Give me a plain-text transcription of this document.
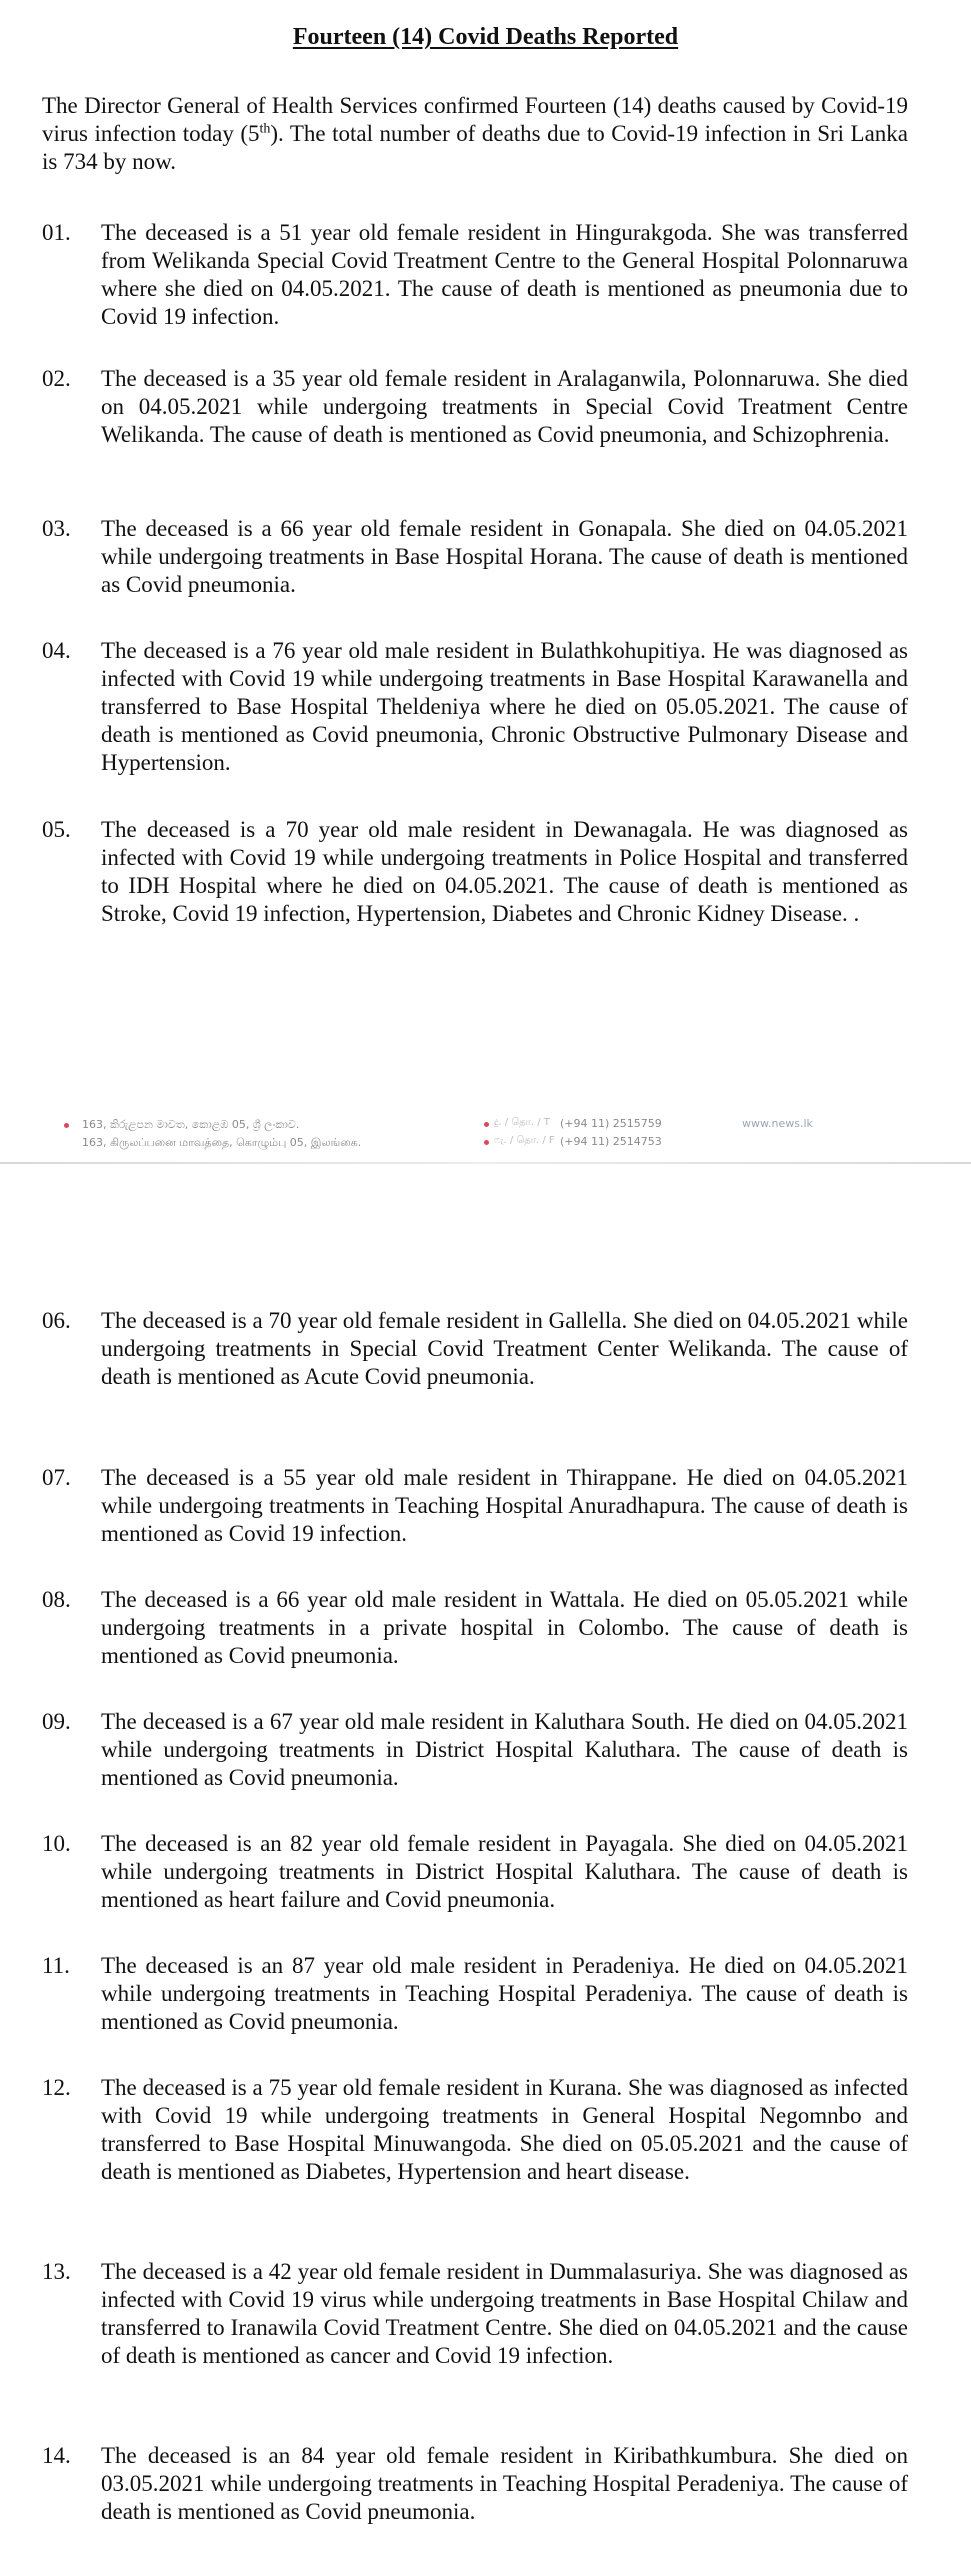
Fourteen (14) Covid Deaths Reported

The Director General of Health Services confirmed Fourteen (14) deaths caused by Covid-19 virus infection today (5th). The total number of deaths due to Covid-19 infection in Sri Lanka is 734 by now.

01.	The deceased is a 51 year old female resident in Hingurakgoda. She was transferred from Welikanda Special Covid Treatment Centre to the General Hospital Polonnaruwa where she died on 04.05.2021. The cause of death is mentioned as pneumonia due to Covid 19 infection.
02.	The deceased is a 35 year old female resident in Aralaganwila, Polonnaruwa. She died on 04.05.2021 while undergoing treatments in Special Covid Treatment Centre Welikanda. The cause of death is mentioned as Covid pneumonia, and Schizophrenia.
03.	The deceased is a 66 year old female resident in Gonapala. She died on 04.05.2021 while undergoing treatments in Base Hospital Horana. The cause of death is mentioned as Covid pneumonia.
04.	The deceased is a 76 year old male resident in Bulathkohupitiya. He was diagnosed as infected with Covid 19 while undergoing treatments in Base Hospital Karawanella and transferred to Base Hospital Theldeniya where he died on 05.05.2021. The cause of death is mentioned as Covid pneumonia, Chronic Obstructive Pulmonary Disease and Hypertension.
05.	The deceased is a 70 year old male resident in Dewanagala. He was diagnosed as infected with Covid 19 while undergoing treatments in Police Hospital and transferred to IDH Hospital where he died on 04.05.2021. The cause of death is mentioned as Stroke, Covid 19 infection, Hypertension, Diabetes and Chronic Kidney Disease. .
163, කිරුළපන මාවත, කොළඹ 05, ශ්‍රී ලංකාව.
163, கிருலப்பனை மாவத்தை, கொழும்பு 05, இலங்கை.
දු. / தொ. / T (+94 11) 2515759
ෆැ. / தொ. / F (+94 11) 2514753
www.news.lk
06.	The deceased is a 70 year old female resident in Gallella. She died on 04.05.2021 while undergoing treatments in Special Covid Treatment Center Welikanda. The cause of death is mentioned as Acute Covid pneumonia.
07.	The deceased is a 55 year old male resident in Thirappane. He died on 04.05.2021 while undergoing treatments in Teaching Hospital Anuradhapura. The cause of death is mentioned as Covid 19 infection.
08.	The deceased is a 66 year old male resident in Wattala. He died on 05.05.2021 while undergoing treatments in a private hospital in Colombo. The cause of death is mentioned as Covid pneumonia.
09.	The deceased is a 67 year old male resident in Kaluthara South. He died on 04.05.2021 while undergoing treatments in District Hospital Kaluthara. The cause of death is mentioned as Covid pneumonia.
10.	The deceased is an 82 year old female resident in Payagala. She died on 04.05.2021 while undergoing treatments in District Hospital Kaluthara. The cause of death is mentioned as heart failure and Covid pneumonia.
11.	The deceased is an 87 year old male resident in Peradeniya. He died on 04.05.2021 while undergoing treatments in Teaching Hospital Peradeniya. The cause of death is mentioned as Covid pneumonia.
12.	The deceased is a 75 year old female resident in Kurana. She was diagnosed as infected with Covid 19 while undergoing treatments in General Hospital Negomnbo and transferred to Base Hospital Minuwangoda. She died on 05.05.2021 and the cause of death is mentioned as Diabetes, Hypertension and heart disease.
13.	The deceased is a 42 year old female resident in Dummalasuriya. She was diagnosed as infected with Covid 19 virus while undergoing treatments in Base Hospital Chilaw and transferred to Iranawila Covid Treatment Centre. She died on 04.05.2021 and the cause of death is mentioned as cancer and Covid 19 infection.
14.	The deceased is an 84 year old female resident in Kiribathkumbura. She died on 03.05.2021 while undergoing treatments in Teaching Hospital Peradeniya. The cause of death is mentioned as Covid pneumonia.
